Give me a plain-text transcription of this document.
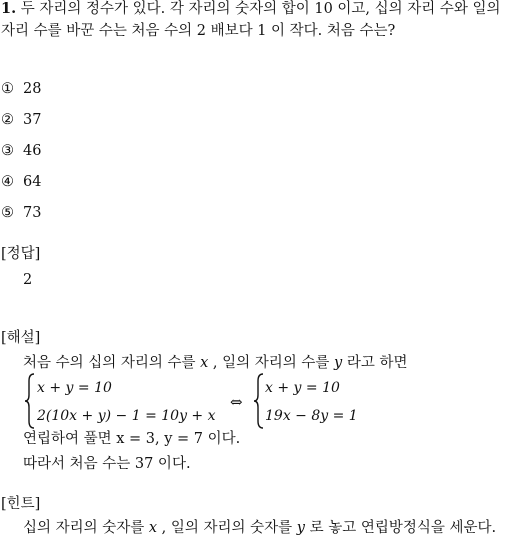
1. 두 자리의 정수가 있다. 각 자리의 숫자의 합이 10 이고, 십의 자리 수와 일의
자리 수를 바꾼 수는 처음 수의 2 배보다 1 이 작다. 처음 수는?
① 28
② 37
③ 46
④ 64
⑤ 73
[정답]
2
[해설]
처음 수의 십의 자리의 수를 x , 일의 자리의 수를 y 라고 하면
x + y = 10
2(10x + y) − 1 = 10y + x
⇔
x + y = 10
19x − 8y = 1
연립하여 풀면 x = 3, y = 7 이다.
따라서 처음 수는 37 이다.
[힌트]
십의 자리의 숫자를 x , 일의 자리의 숫자를 y 로 놓고 연립방정식을 세운다.
